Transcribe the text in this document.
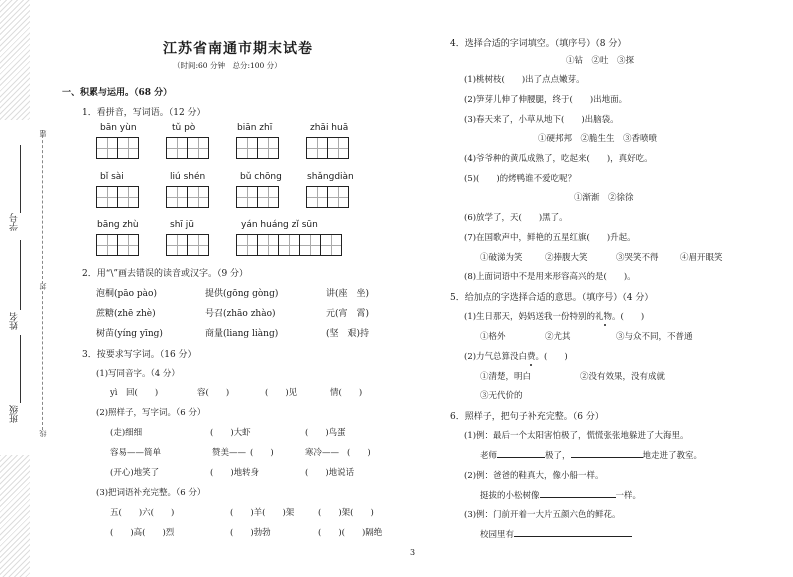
题
封
线
学号
姓名
班级
江苏省南通市期末试卷
（时间:60 分钟　总分:100 分）
一、积累与运用。（68 分）
1．看拼音，写词语。（12 分）
bān yùn	tǔ pò	biān zhī	zhāi huā
bǐ sài	liú shén	bǔ chōng	shǎngdiàn
bāng zhù	shī jū	yán huáng zǐ sūn
2．用“\”画去错误的读音或汉字。（9 分）
泡桐(pāo pào)	提供(gōng gòng)	讲(座　坐)
蔗糖(zhē zhè)	号召(zhāo zhào)	元(宵　霄)
树苗(yíng yīng)	商量(liang liàng)	(坚　艰)持
3．按要求写字词。（16 分）
(1)写同音字。（4 分）
yì　回(　　)	容(　　)	(　　)见	情(　　)
(2)照样子，写字词。（6 分）
(走)细细	(　　)大虾	(　　)鸟蛋
容易——简单	赞美—— (　　)	寒冷—— (　　)
(开心)地笑了	(　　)地转身	(　　)地说话
(3)把词语补充完整。（6 分）
五(　　)六(　　)	(　　)羊(　　)架	(　　)架(　　)
(　　)高(　　)烈	(　　)勃勃	(　　)(　　)隔绝
4．选择合适的字词填空。（填序号）（8 分）
①钻　②吐　③探
(1)桃树枝(　　)出了点点嫩芽。
(2)笋芽儿伸了伸腰腿，终于(　　)出地面。
(3)春天来了，小草从地下(　　)出脑袋。
①硬邦邦　②脆生生　③香喷喷
(4)爷爷种的黄瓜成熟了，吃起来(　　)，真好吃。
(5)(　　)的烤鸭谁不爱吃呢？
①渐渐　②徐徐
(6)放学了，天(　　)黑了。
(7)在国歌声中，鲜艳的五星红旗(　　)升起。
①破涕为笑	②捧腹大笑	③哭笑不得	④眉开眼笑
(8)上面词语中不是用来形容高兴的是(　　)。
5．给加点的字选择合适的意思。（填序号）（4 分）
(1)生日那天，妈妈送我一份特别的礼物。(　　)
①格外	②尤其	③与众不同，不普通
(2)力气总算没白费。(　　)
①清楚，明白	②没有效果，没有成就
③无代价的
6．照样子，把句子补充完整。（6 分）
(1)例：最后一个太阳害怕极了，慌慌张张地躲进了大海里。
老师	极了，	地走进了教室。
(2)例：爸爸的鞋真大，像小船一样。
挺拔的小松树像	一样。
(3)例：门前开着一大片五颜六色的鲜花。
校园里有
3
